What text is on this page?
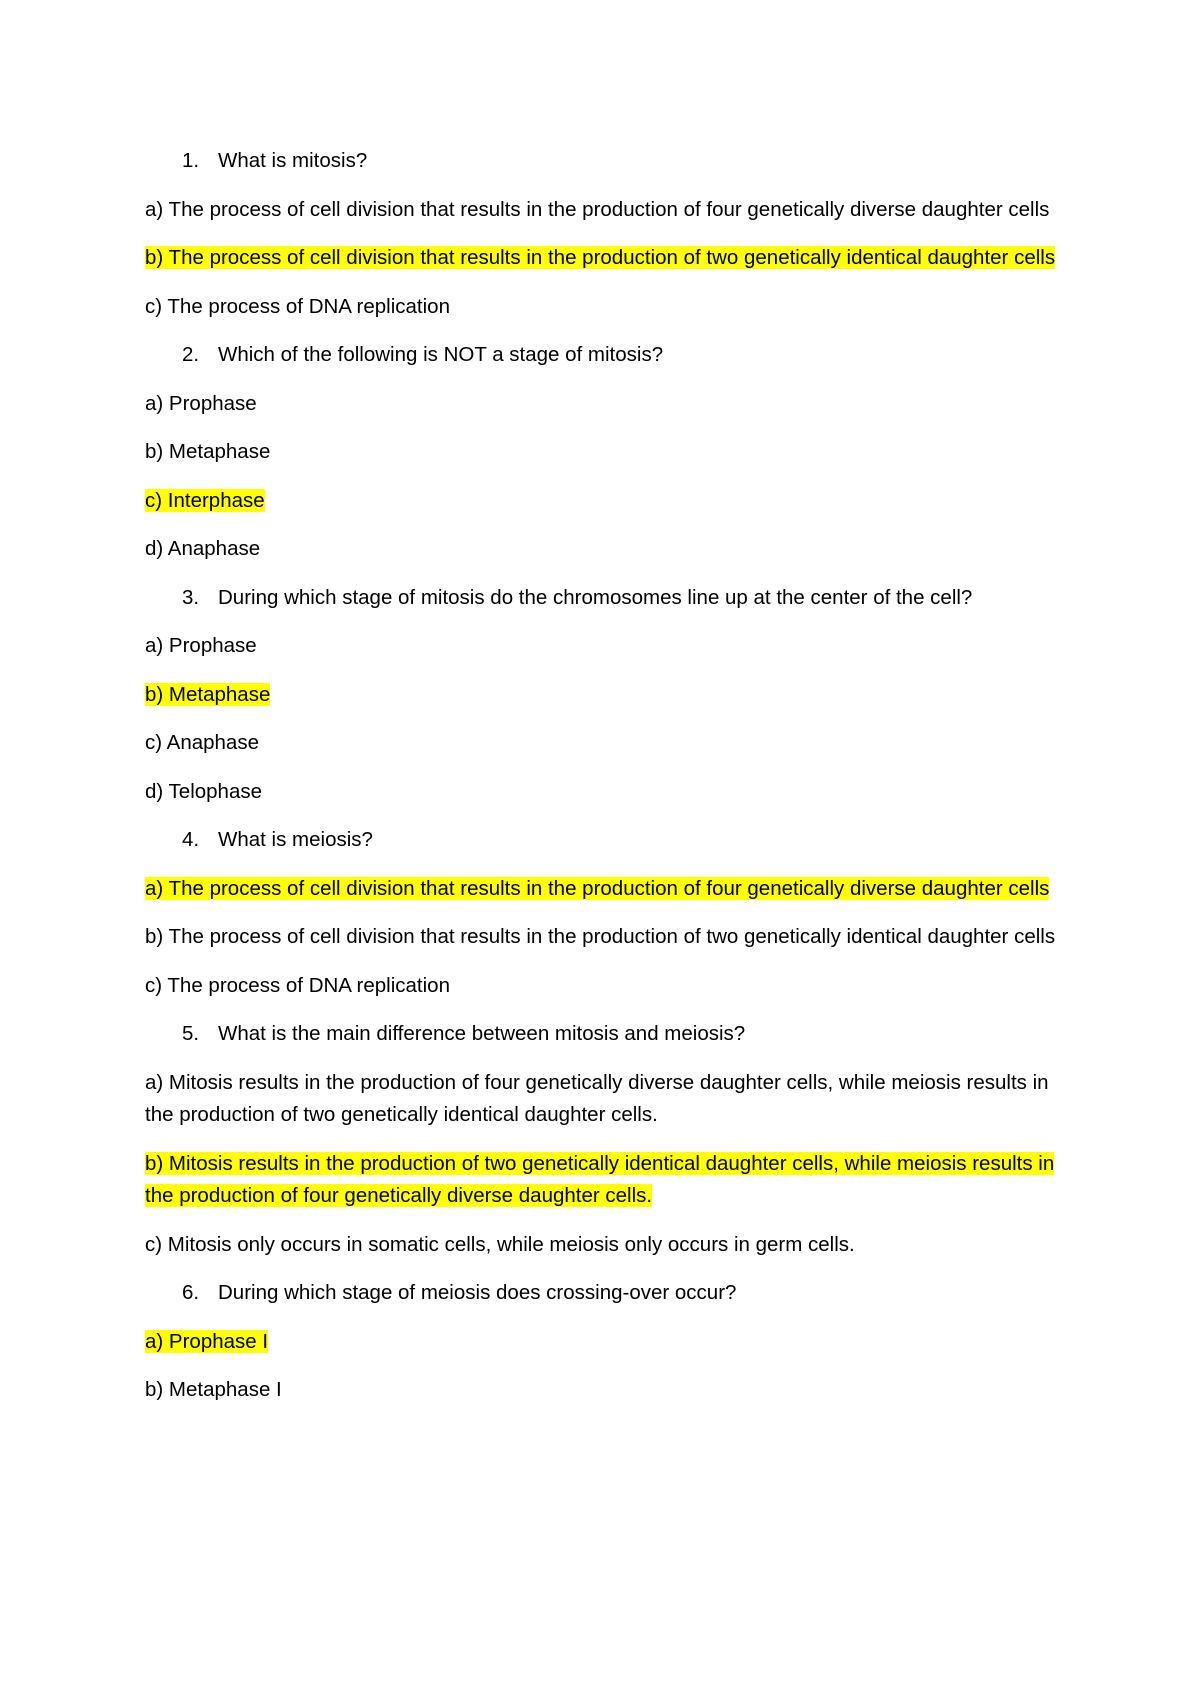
1. What is mitosis?
a) The process of cell division that results in the production of four genetically diverse daughter cells
b) The process of cell division that results in the production of two genetically identical daughter cells
c) The process of DNA replication
2. Which of the following is NOT a stage of mitosis?
a) Prophase
b) Metaphase
c) Interphase
d) Anaphase
3. During which stage of mitosis do the chromosomes line up at the center of the cell?
a) Prophase
b) Metaphase
c) Anaphase
d) Telophase
4. What is meiosis?
a) The process of cell division that results in the production of four genetically diverse daughter cells
b) The process of cell division that results in the production of two genetically identical daughter cells
c) The process of DNA replication
5. What is the main difference between mitosis and meiosis?
a) Mitosis results in the production of four genetically diverse daughter cells, while meiosis results in the production of two genetically identical daughter cells.
b) Mitosis results in the production of two genetically identical daughter cells, while meiosis results in the production of four genetically diverse daughter cells.
c) Mitosis only occurs in somatic cells, while meiosis only occurs in germ cells.
6. During which stage of meiosis does crossing-over occur?
a) Prophase I
b) Metaphase I
